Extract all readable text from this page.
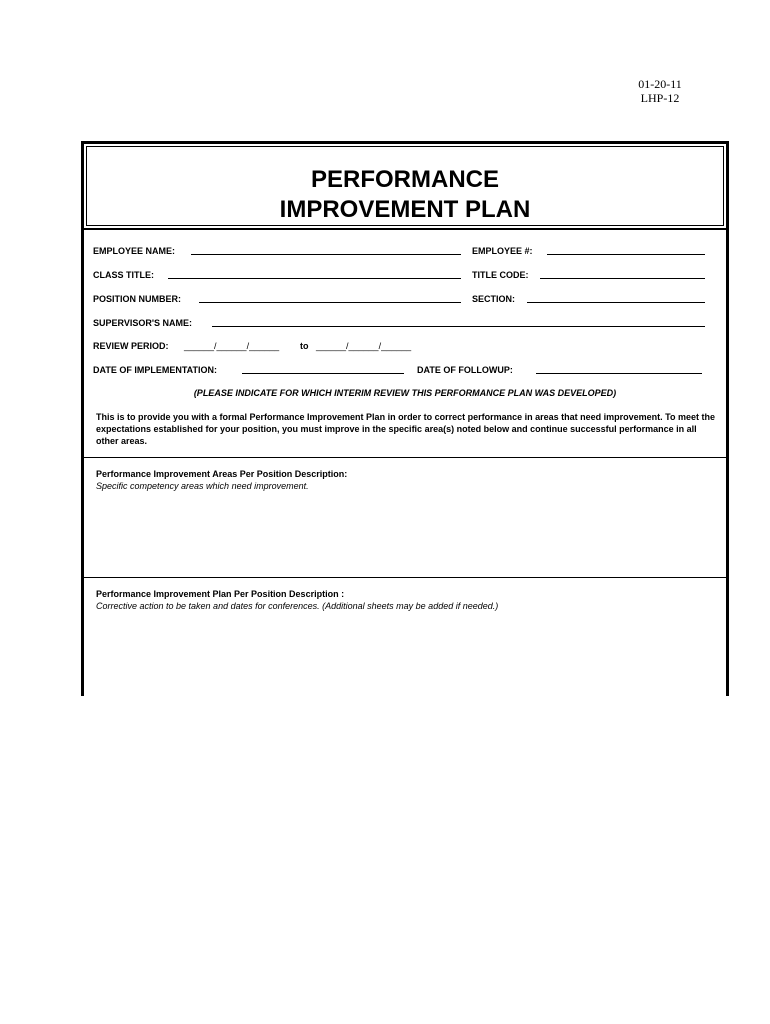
01-20-11
LHP-12
PERFORMANCE
IMPROVEMENT PLAN
EMPLOYEE NAME:	EMPLOYEE #:
CLASS TITLE:	TITLE CODE:
POSITION NUMBER:	SECTION:
SUPERVISOR'S NAME:
REVIEW PERIOD: ______/______/______ to ______/______/______
DATE OF IMPLEMENTATION:	DATE OF FOLLOWUP:
(PLEASE INDICATE FOR WHICH INTERIM REVIEW THIS PERFORMANCE PLAN WAS DEVELOPED)
This is to provide you with a formal Performance Improvement Plan in order to correct performance in areas that need improvement. To meet the expectations established for your position, you must improve in the specific area(s) noted below and continue successful performance in all other areas.
Performance Improvement Areas Per Position Description:
Specific competency areas which need improvement.
Performance Improvement Plan Per Position Description :
Corrective action to be taken and dates for conferences. (Additional sheets may be added if needed.)
